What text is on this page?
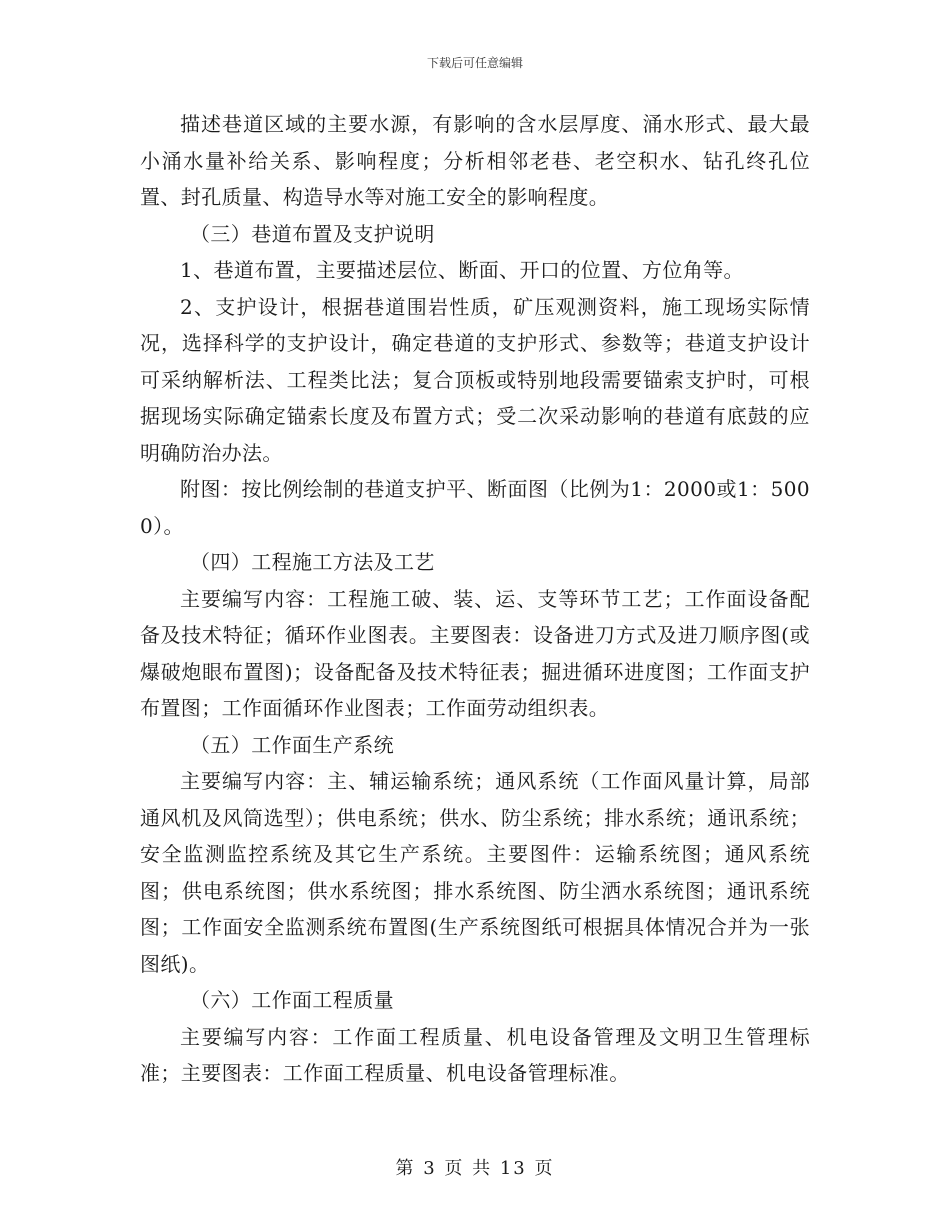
下载后可任意编辑

描述巷道区域的主要水源，有影响的含水层厚度、涌水形式、最大最小涌水量补给关系、影响程度；分析相邻老巷、老空积水、钻孔终孔位置、封孔质量、构造导水等对施工安全的影响程度。

（三）巷道布置及支护说明

1、巷道布置，主要描述层位、断面、开口的位置、方位角等。

2、支护设计，根据巷道围岩性质，矿压观测资料，施工现场实际情况，选择科学的支护设计，确定巷道的支护形式、参数等；巷道支护设计可采纳解析法、工程类比法；复合顶板或特别地段需要锚索支护时，可根据现场实际确定锚索长度及布置方式；受二次采动影响的巷道有底鼓的应明确防治办法。

附图：按比例绘制的巷道支护平、断面图（比例为1：2000或1：5000）。

（四）工程施工方法及工艺

主要编写内容：工程施工破、装、运、支等环节工艺；工作面设备配备及技术特征；循环作业图表。主要图表：设备进刀方式及进刀顺序图(或爆破炮眼布置图)；设备配备及技术特征表；掘进循环进度图；工作面支护布置图；工作面循环作业图表；工作面劳动组织表。

（五）工作面生产系统

主要编写内容：主、辅运输系统；通风系统（工作面风量计算，局部通风机及风筒选型）；供电系统；供水、防尘系统；排水系统；通讯系统；安全监测监控系统及其它生产系统。主要图件：运输系统图；通风系统图；供电系统图；供水系统图；排水系统图、防尘洒水系统图；通讯系统图；工作面安全监测系统布置图(生产系统图纸可根据具体情况合并为一张图纸)。

（六）工作面工程质量

主要编写内容：工作面工程质量、机电设备管理及文明卫生管理标准；主要图表：工作面工程质量、机电设备管理标准。

第 3 页 共 13 页
